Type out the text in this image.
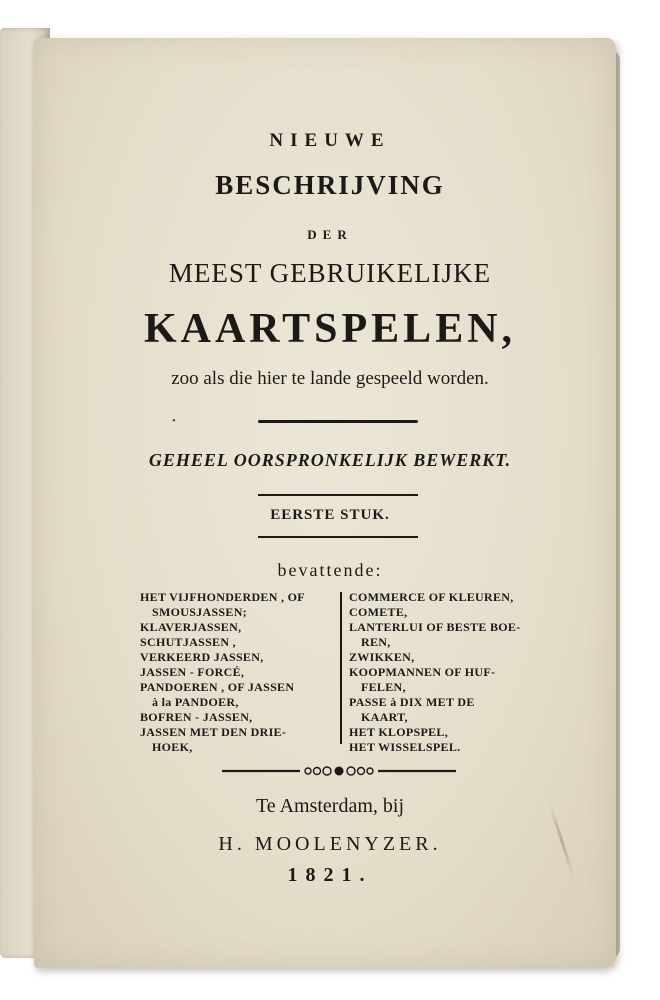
NIEUWE
BESCHRIJVING
DER
MEEST GEBRUIKELIJKE
KAARTSPELEN,
zoo als die hier te lande gespeeld worden.
•
GEHEEL OORSPRONKELIJK BEWERKT.
EERSTE STUK.
bevattende:
HET VIJFHONDERDEN , OF
SMOUSJASSEN;
KLAVERJASSEN,
SCHUTJASSEN ,
VERKEERD JASSEN,
JASSEN - FORCÉ,
PANDOEREN , OF JASSEN
à la PANDOER,
BOFREN - JASSEN,
JASSEN MET DEN DRIE-
HOEK,
COMMERCE OF KLEUREN,
COMETE,
LANTERLUI OF BESTE BOE-
REN,
ZWIKKEN,
KOOPMANNEN OF HUF-
FELEN,
PASSE à DIX MET DE
KAART,
HET KLOPSPEL,
HET WISSELSPEL.
Te Amsterdam, bij
H. MOOLENYZER.
1821.
